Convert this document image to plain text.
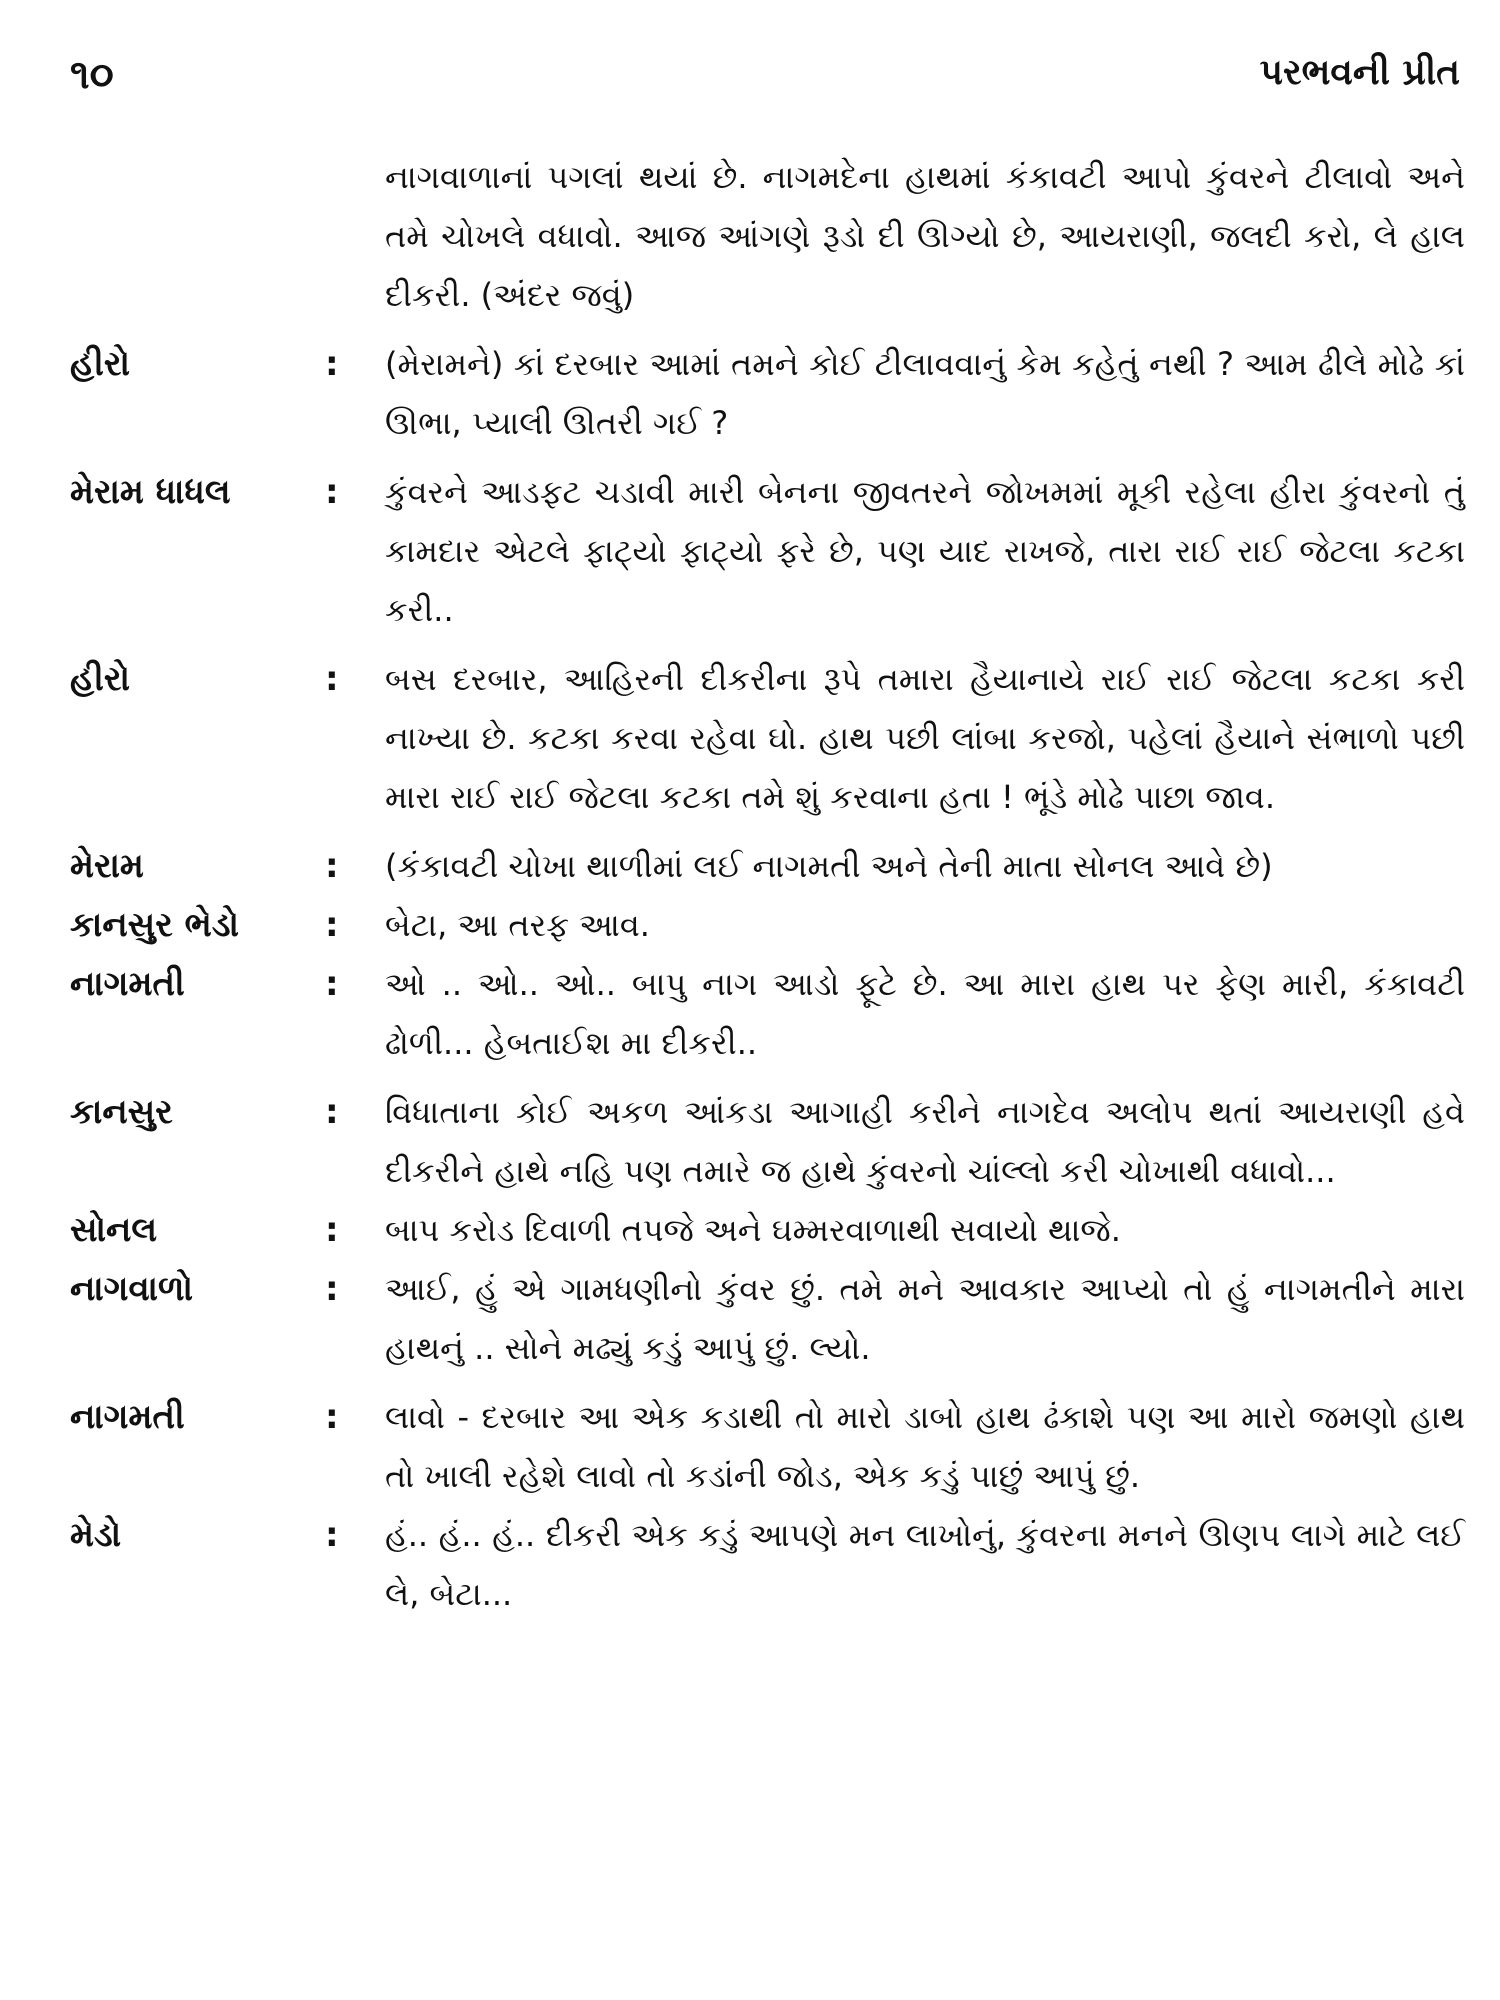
૧૦	પરભવની પ્રીત
નાગવાળાનાં પગલાં થયાં છે. નાગમદેના હાથમાં કંકાવટી આપો કુંવરને ટીલાવો અને તમે ચોખલે વધાવો. આજ આંગણે રૂડો દી ઊગ્યો છે, આયરાણી, જલદી કરો, લે હાલ દીકરી. (અંદર જવું)
હીરો	:	(મેરામને) કાં દરબાર આમાં તમને કોઈ ટીલાવવાનું કેમ કહેતું નથી ? આમ ઢીલે મોઢે કાં ઊભા, પ્યાલી ઊતરી ગઈ ?
મેરામ ધાધલ	:	કુંવરને આડફટ ચડાવી મારી બેનના જીવતરને જોખમમાં મૂકી રહેલા હીરા કુંવરનો તું કામદાર એટલે ફાટ્યો ફાટ્યો ફરે છે, પણ યાદ રાખજે, તારા રાઈ રાઈ જેટલા કટકા કરી..
હીરો	:	બસ દરબાર, આહિરની દીકરીના રૂપે તમારા હૈયાનાયે રાઈ રાઈ જેટલા કટકા કરી નાખ્યા છે. કટકા કરવા રહેવા ઘો. હાથ પછી લાંબા કરજો, પહેલાં હૈયાને સંભાળો પછી મારા રાઈ રાઈ જેટલા કટકા તમે શું કરવાના હતા ! ભૂંડે મોઢે પાછા જાવ.
મેરામ	:	(કંકાવટી ચોખા થાળીમાં લઈ નાગમતી અને તેની માતા સોનલ આવે છે)
કાનસુર ભેડો	:	બેટા, આ તરફ આવ.
નાગમતી	:	ઓ .. ઓ.. ઓ.. બાપુ નાગ આડો ફૂટે છે. આ મારા હાથ પર ફેણ મારી, કંકાવટી ઢોળી... હેબતાઈશ મા દીકરી..
કાનસુર	:	વિધાતાના કોઈ અકળ આંકડા આગાહી કરીને નાગદેવ અલોપ થતાં આયરાણી હવે દીકરીને હાથે નહિ પણ તમારે જ હાથે કુંવરનો ચાંલ્લો કરી ચોખાથી વધાવો...
સોનલ	:	બાપ કરોડ દિવાળી તપજે અને ઘમ્મરવાળાથી સવાયો થાજે.
નાગવાળો	:	આઈ, હું એ ગામધણીનો કુંવર છું. તમે મને આવકાર આપ્યો તો હું નાગમતીને મારા હાથનું .. સોને મઢ્યું કડું આપું છું. લ્યો.
નાગમતી	:	લાવો - દરબાર આ એક કડાથી તો મારો ડાબો હાથ ઢંકાશે પણ આ મારો જમણો હાથ તો ખાલી રહેશે લાવો તો કડાંની જોડ, એક કડું પાછું આપું છું.
મેડો	:	હં.. હં.. હં.. દીકરી એક કડું આપણે મન લાખોનું, કુંવરના મનને ઊણપ લાગે માટે લઈ લે, બેટા...
